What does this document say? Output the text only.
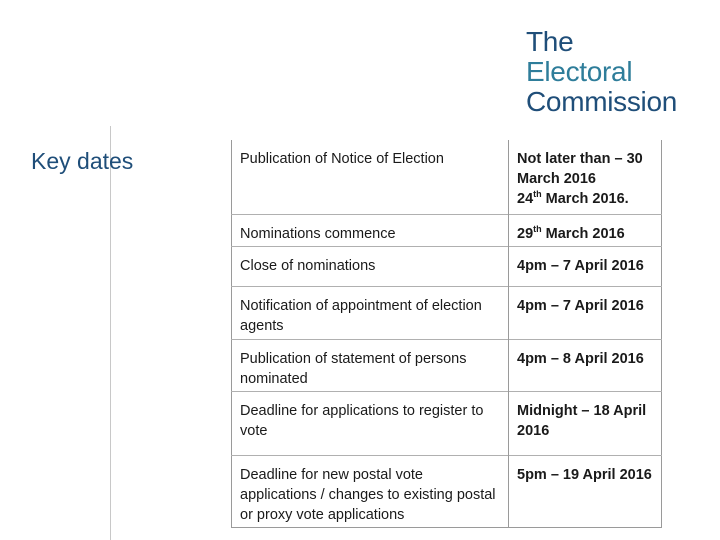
The
Electoral
Commission
Key dates	Publication of Notice of Election	Not later than – 30 March 2016
24th March 2016.

Nominations commence	29th March 2016
Close of nominations	4pm – 7 April 2016
Notification of appointment of election agents	4pm – 7 April 2016
Publication of statement of persons nominated	4pm – 8 April 2016
Deadline for applications to register to vote	Midnight – 18 April 2016
Deadline for new postal vote applications / changes to existing postal or proxy vote applications	5pm – 19 April 2016
